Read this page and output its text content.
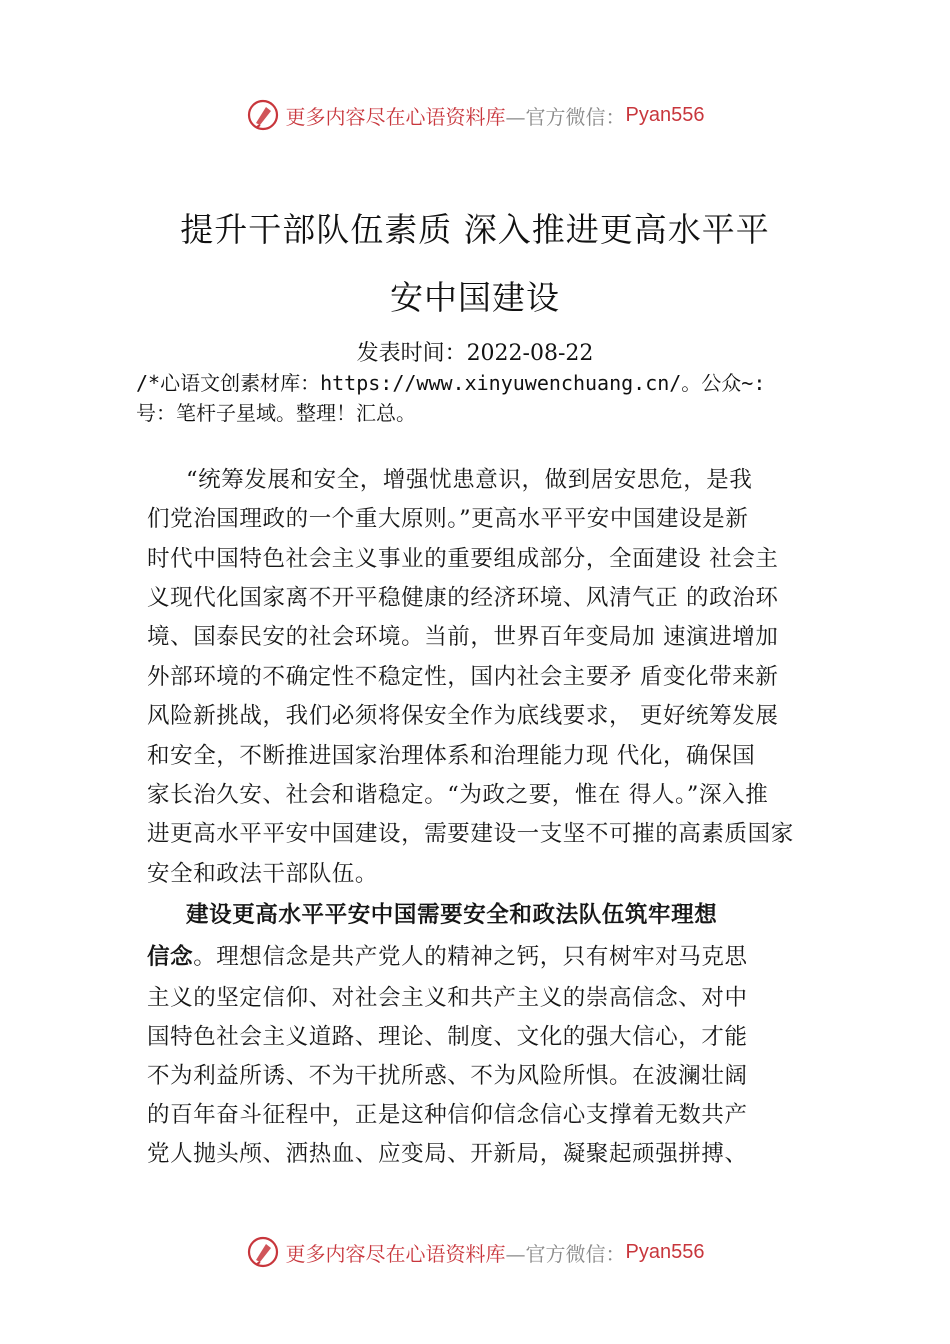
更多内容尽在心语资料库 —官方微信： Pyan556
提升干部队伍素质 深入推进更高水平平
安中国建设
发表时间：2022-08-22
/*心语文创素材库：https://www.xinyuwenchuang.cn/。公众~:
号：笔杆子星域。整理！汇总。
“统筹发展和安全，增强忧患意识，做到居安思危，是我
们党治国理政的一个重大原则。”更高水平平安中国建设是新
时代中国特色社会主义事业的重要组成部分，全面建设 社会主
义现代化国家离不开平稳健康的经济环境、风清气正 的政治环
境、国泰民安的社会环境。当前，世界百年变局加 速演进增加
外部环境的不确定性不稳定性，国内社会主要矛 盾变化带来新
风险新挑战，我们必须将保安全作为底线要求， 更好统筹发展
和安全，不断推进国家治理体系和治理能力现 代化，确保国
家长治久安、社会和谐稳定。“为政之要，惟在 得人。”深入推
进更高水平平安中国建设，需要建设一支坚不可摧的高素质国家
安全和政法干部队伍。
建设更高水平平安中国需要安全和政法队伍筑牢理想
信念。理想信念是共产党人的精神之钙，只有树牢对马克思
主义的坚定信仰、对社会主义和共产主义的崇高信念、对中
国特色社会主义道路、理论、制度、文化的强大信心，才能
不为利益所诱、不为干扰所惑、不为风险所惧。在波澜壮阔
的百年奋斗征程中，正是这种信仰信念信心支撑着无数共产
党人抛头颅、洒热血、应变局、开新局，凝聚起顽强拼搏、
更多内容尽在心语资料库 —官方微信： Pyan556
